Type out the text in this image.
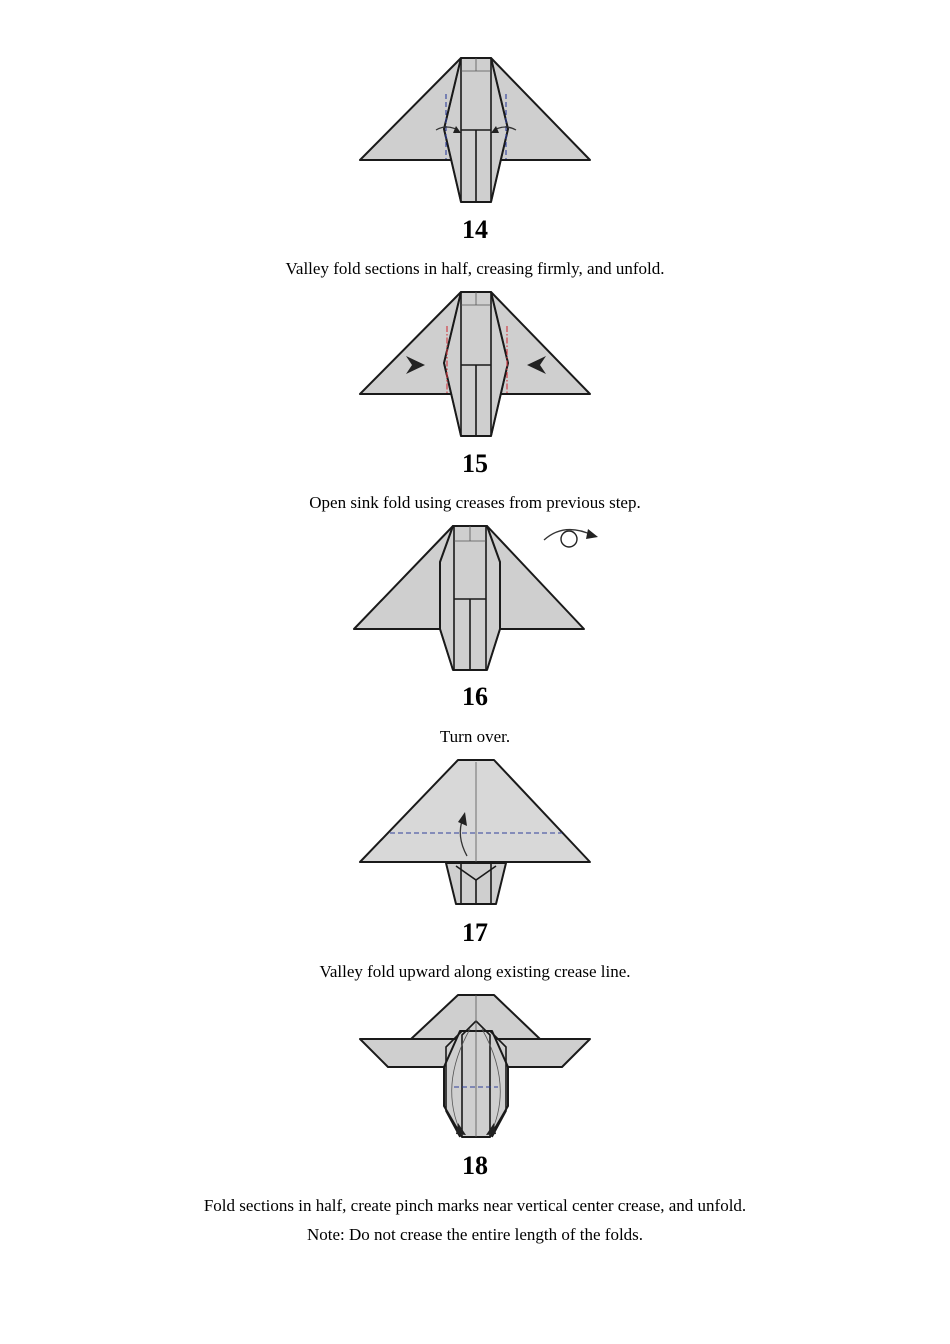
14
Valley fold sections in half, creasing firmly, and unfold.
15
Open sink fold using creases from previous step.
16
Turn over.
17
Valley fold upward along existing crease line.
18
Fold sections in half, create pinch marks near vertical center crease, and unfold.
Note: Do not crease the entire length of the folds.
